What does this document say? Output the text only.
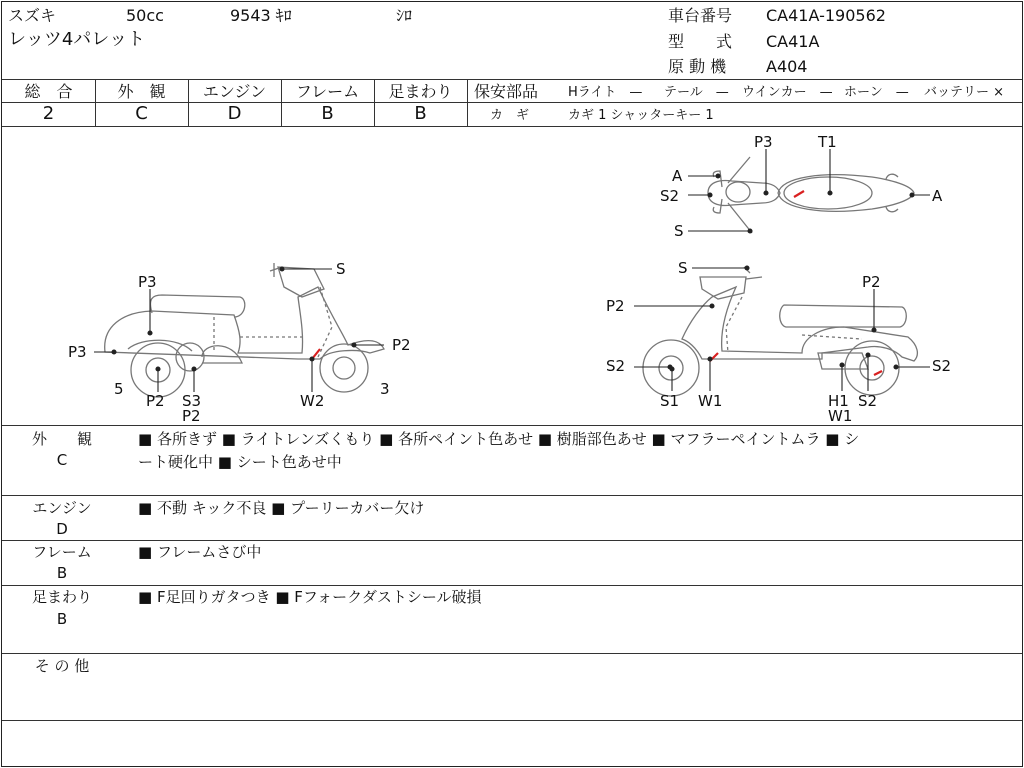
スズキ	50cc	9543 ｷﾛ	ｼﾛ
レッツ4パレット
車台番号 CA41A-190562
型　　式 CA41A
原 動 機 A404
総　合	外　観	エンジン	フレーム	足まわり
2	C	D	B	B
保安部品 Hライト　— テール　— ウインカー　— ホーン　— バッテリー ×
カ　ギ	カギ 1 シャッターキー 1
S
P3
P3	P2
5
P2 S3
P2
W2
3
S
P2
P2
S2
S1 W1	H1
W1
S2
S2
P3	T1
A
S2	A
S
外　　観
C
■ 各所きず ■ ライトレンズくもり ■ 各所ペイント色あせ ■ 樹脂部色あせ ■ マフラーペイントムラ ■ シ
ート硬化中 ■ シート色あせ中
エンジン
D
■ 不動 キック不良 ■ プーリーカバー欠け
フレーム
B
■ フレームさび中
足まわり
B
■ F足回りガタつき ■ Fフォークダストシール破損
そ の 他
